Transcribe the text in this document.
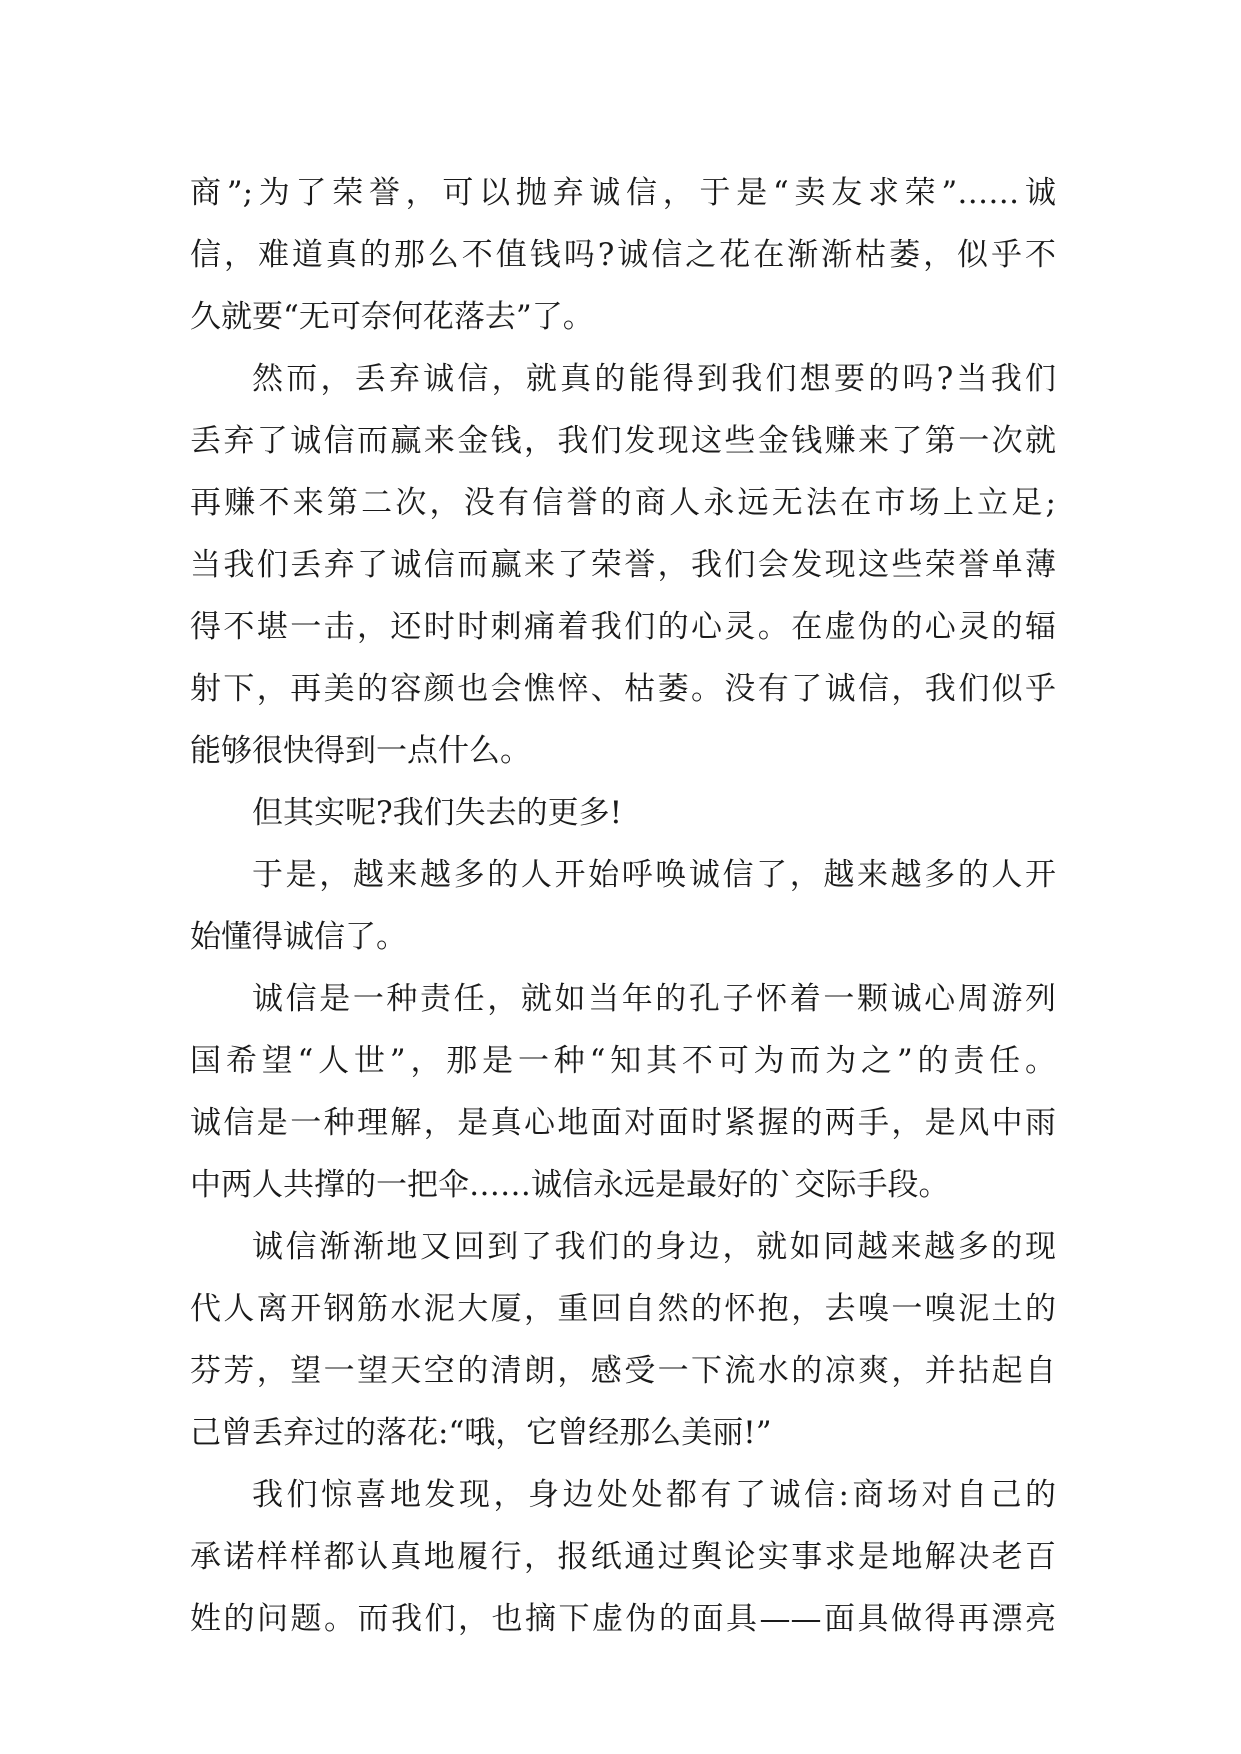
商”;为了荣誉，可以抛弃诚信，于是“卖友求荣”……诚
信，难道真的那么不值钱吗?诚信之花在渐渐枯萎，似乎不
久就要“无可奈何花落去”了。
然而，丢弃诚信，就真的能得到我们想要的吗?当我们
丢弃了诚信而赢来金钱，我们发现这些金钱赚来了第一次就
再赚不来第二次，没有信誉的商人永远无法在市场上立足;
当我们丢弃了诚信而赢来了荣誉，我们会发现这些荣誉单薄
得不堪一击，还时时刺痛着我们的心灵。在虚伪的心灵的辐
射下，再美的容颜也会憔悴、枯萎。没有了诚信，我们似乎
能够很快得到一点什么。
但其实呢?我们失去的更多!
于是，越来越多的人开始呼唤诚信了，越来越多的人开
始懂得诚信了。
诚信是一种责任，就如当年的孔子怀着一颗诚心周游列
国希望“人世”，那是一种“知其不可为而为之”的责任。
诚信是一种理解，是真心地面对面时紧握的两手，是风中雨
中两人共撑的一把伞……诚信永远是最好的`交际手段。
诚信渐渐地又回到了我们的身边，就如同越来越多的现
代人离开钢筋水泥大厦，重回自然的怀抱，去嗅一嗅泥土的
芬芳，望一望天空的清朗，感受一下流水的凉爽，并拈起自
己曾丢弃过的落花:“哦，它曾经那么美丽!”
我们惊喜地发现，身边处处都有了诚信:商场对自己的
承诺样样都认真地履行，报纸通过舆论实事求是地解决老百
姓的问题。而我们，也摘下虚伪的面具——面具做得再漂亮
